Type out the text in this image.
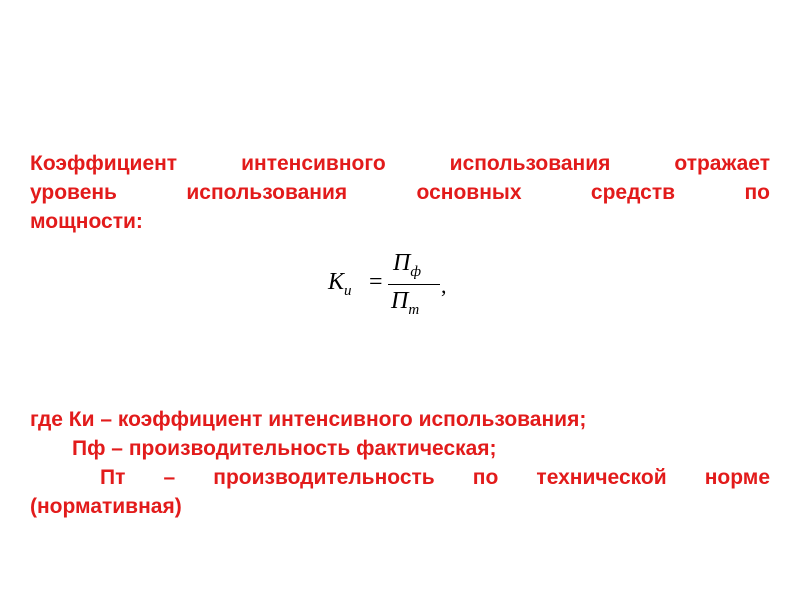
Коэффициент	интенсивного	использования	отражает
уровень	использования	основных	средств	по
мощности:
$K_и$ =
$П_ф$
$П_т$
,
где Ки – коэффициент интенсивного использования;
Пф – производительность фактическая;
Пт – производительность по технической норме
(нормативная)
